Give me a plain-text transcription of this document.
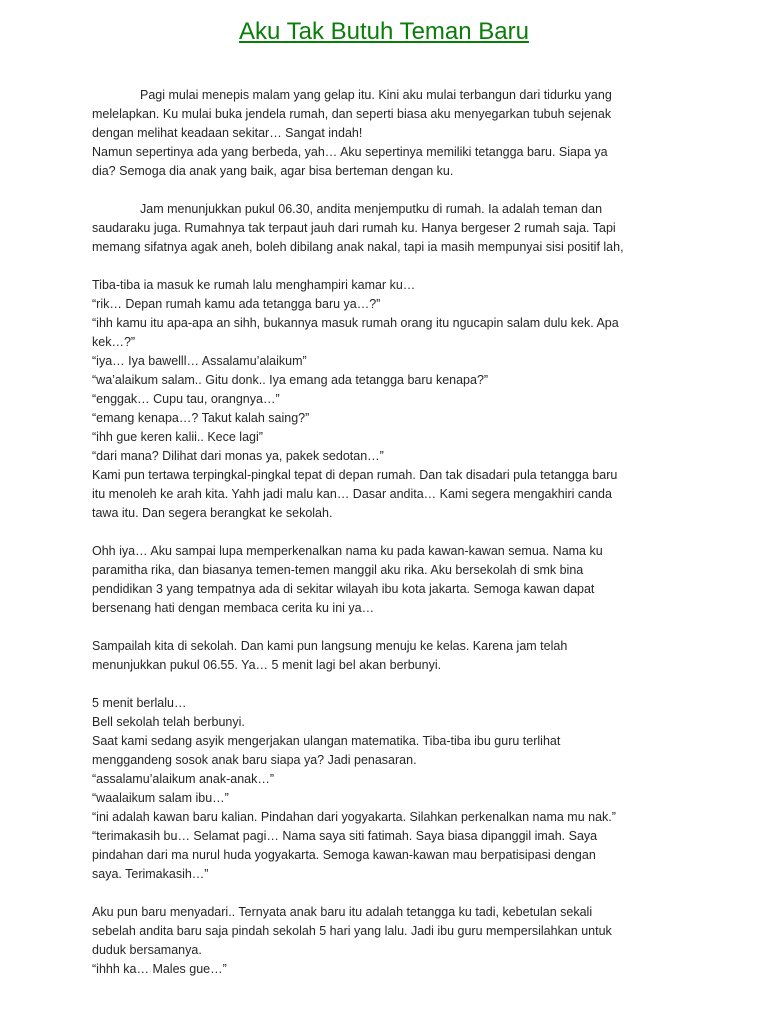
Aku Tak Butuh Teman Baru
Pagi mulai menepis malam yang gelap itu. Kini aku mulai terbangun dari tidurku yang
melelapkan. Ku mulai buka jendela rumah, dan seperti biasa aku menyegarkan tubuh sejenak
dengan melihat keadaan sekitar… Sangat indah!
Namun sepertinya ada yang berbeda, yah… Aku sepertinya memiliki tetangga baru. Siapa ya
dia? Semoga dia anak yang baik, agar bisa berteman dengan ku.
Jam menunjukkan pukul 06.30, andita menjemputku di rumah. Ia adalah teman dan
saudaraku juga. Rumahnya tak terpaut jauh dari rumah ku. Hanya bergeser 2 rumah saja. Tapi
memang sifatnya agak aneh, boleh dibilang anak nakal, tapi ia masih mempunyai sisi positif lah,
Tiba-tiba ia masuk ke rumah lalu menghampiri kamar ku…
“rik… Depan rumah kamu ada tetangga baru ya…?”
“ihh kamu itu apa-apa an sihh, bukannya masuk rumah orang itu ngucapin salam dulu kek. Apa
kek…?”
“iya… Iya bawelll… Assalamu’alaikum”
“wa’alaikum salam.. Gitu donk.. Iya emang ada tetangga baru kenapa?”
“enggak… Cupu tau, orangnya…”
“emang kenapa…? Takut kalah saing?”
“ihh gue keren kalii.. Kece lagi”
“dari mana? Dilihat dari monas ya, pakek sedotan…”
Kami pun tertawa terpingkal-pingkal tepat di depan rumah. Dan tak disadari pula tetangga baru
itu menoleh ke arah kita. Yahh jadi malu kan… Dasar andita… Kami segera mengakhiri canda
tawa itu. Dan segera berangkat ke sekolah.
Ohh iya… Aku sampai lupa memperkenalkan nama ku pada kawan-kawan semua. Nama ku
paramitha rika, dan biasanya temen-temen manggil aku rika. Aku bersekolah di smk bina
pendidikan 3 yang tempatnya ada di sekitar wilayah ibu kota jakarta. Semoga kawan dapat
bersenang hati dengan membaca cerita ku ini ya…
Sampailah kita di sekolah. Dan kami pun langsung menuju ke kelas. Karena jam telah
menunjukkan pukul 06.55. Ya… 5 menit lagi bel akan berbunyi.
5 menit berlalu…
Bell sekolah telah berbunyi.
Saat kami sedang asyik mengerjakan ulangan matematika. Tiba-tiba ibu guru terlihat
menggandeng sosok anak baru siapa ya? Jadi penasaran.
“assalamu’alaikum anak-anak…”
“waalaikum salam ibu…”
“ini adalah kawan baru kalian. Pindahan dari yogyakarta. Silahkan perkenalkan nama mu nak.”
“terimakasih bu… Selamat pagi… Nama saya siti fatimah. Saya biasa dipanggil imah. Saya
pindahan dari ma nurul huda yogyakarta. Semoga kawan-kawan mau berpatisipasi dengan
saya. Terimakasih…”
Aku pun baru menyadari.. Ternyata anak baru itu adalah tetangga ku tadi, kebetulan sekali
sebelah andita baru saja pindah sekolah 5 hari yang lalu. Jadi ibu guru mempersilahkan untuk
duduk bersamanya.
“ihhh ka… Males gue…”
